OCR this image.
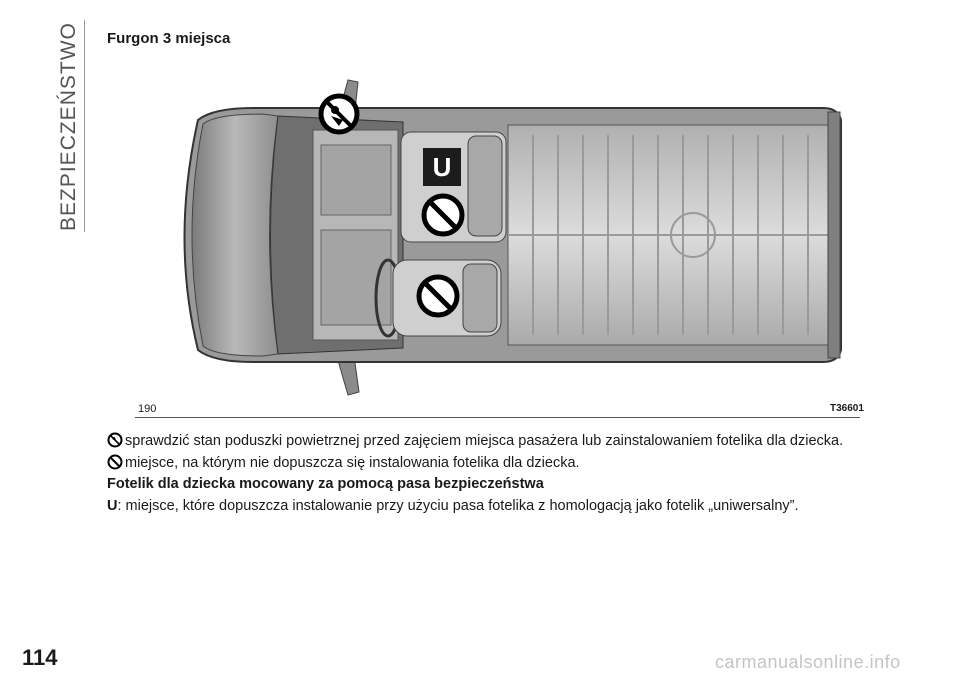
BEZPIECZEŃSTWO Furgon 3 miejsca
U
190	T36601
sprawdzić stan poduszki powietrznej przed zajęciem miejsca pasażera lub zainstalowaniem fotelika dla dziecka.
miejsce, na którym nie dopuszcza się instalowania fotelika dla dziecka.
Fotelik dla dziecka mocowany za pomocą pasa bezpieczeństwa
U: miejsce, które dopuszcza instalowanie przy użyciu pasa fotelika z homologacją jako fotelik „uniwersalny”.
114	carmanualsonline.info
